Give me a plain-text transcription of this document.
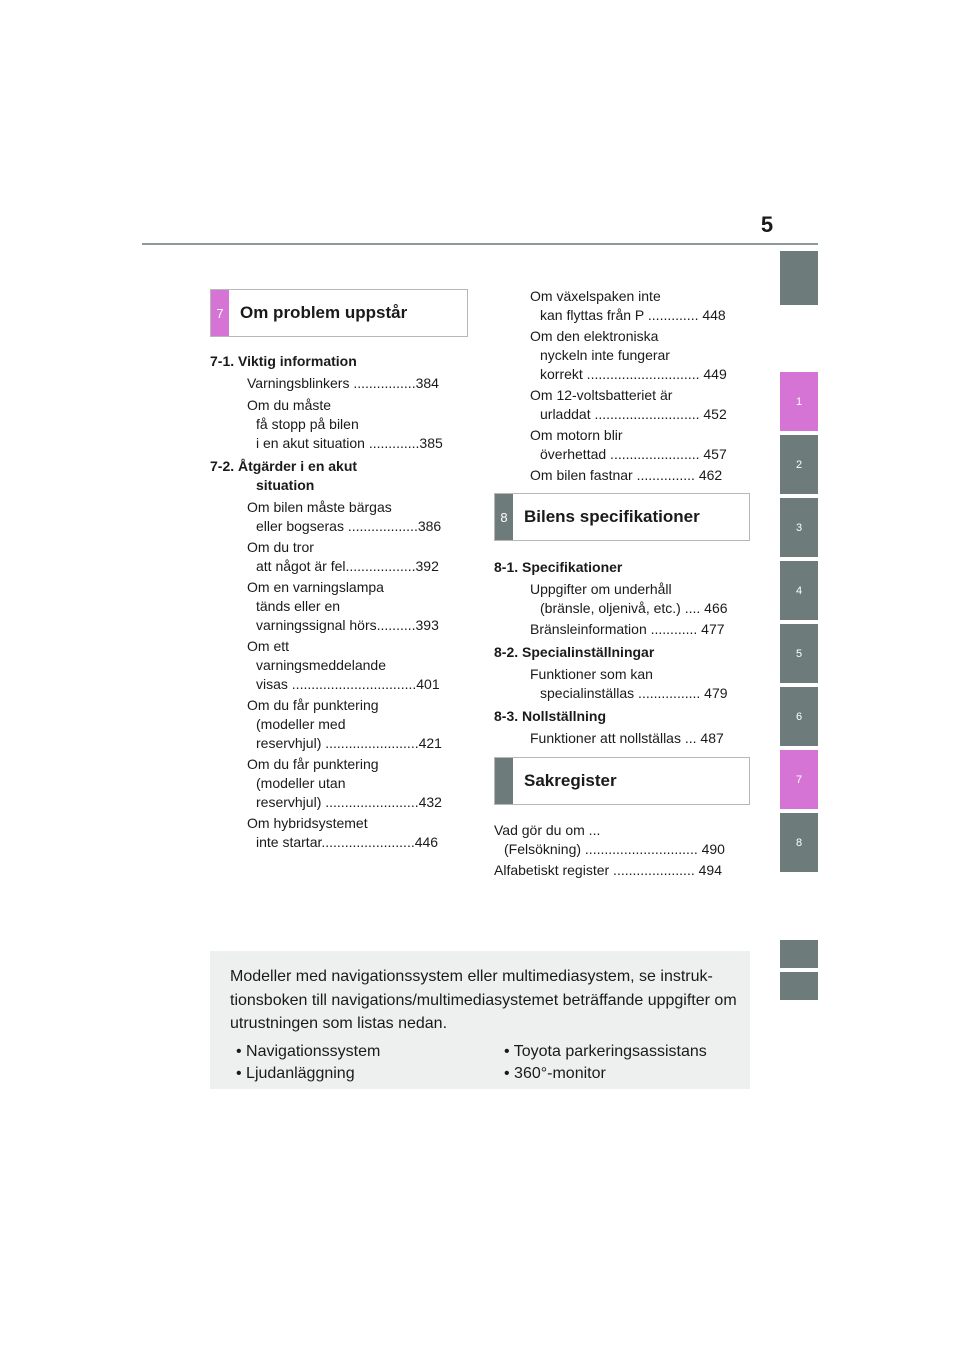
5
1
2
3
4
5
6
7
8
7 Om problem uppstår
7-1. Viktig information
Varningsblinkers ................384
Om du måste
få stopp på bilen
i en akut situation .............385
7-2. Åtgärder i en akut
situation
Om bilen måste bärgas
eller bogseras ..................386
Om du tror
att något är fel..................392
Om en varningslampa
tänds eller en
varningssignal hörs..........393
Om ett
varningsmeddelande
visas ................................401
Om du får punktering
(modeller med
reservhjul) ........................421
Om du får punktering
(modeller utan
reservhjul) ........................432
Om hybridsystemet
inte startar........................446
Om växelspaken inte
kan flyttas från P ............. 448
Om den elektroniska
nyckeln inte fungerar
korrekt ............................. 449
Om 12-voltsbatteriet är
urladdat ........................... 452
Om motorn blir
överhettad ....................... 457
Om bilen fastnar ............... 462
8 Bilens specifikationer
8-1. Specifikationer
Uppgifter om underhåll
(bränsle, oljenivå, etc.) .... 466
Bränsleinformation ............ 477
8-2. Specialinställningar
Funktioner som kan
specialinställas ................ 479
8-3. Nollställning
Funktioner att nollställas ... 487
Sakregister
Vad gör du om ...
(Felsökning) ............................. 490
Alfabetiskt register ..................... 494
Modeller med navigationssystem eller multimediasystem, se instruk-tionsboken till navigations/multimediasystemet beträffande uppgifter om utrustningen som listas nedan.
• Navigationssystem
• Ljudanläggning
• Toyota parkeringsassistans
• 360°-monitor
